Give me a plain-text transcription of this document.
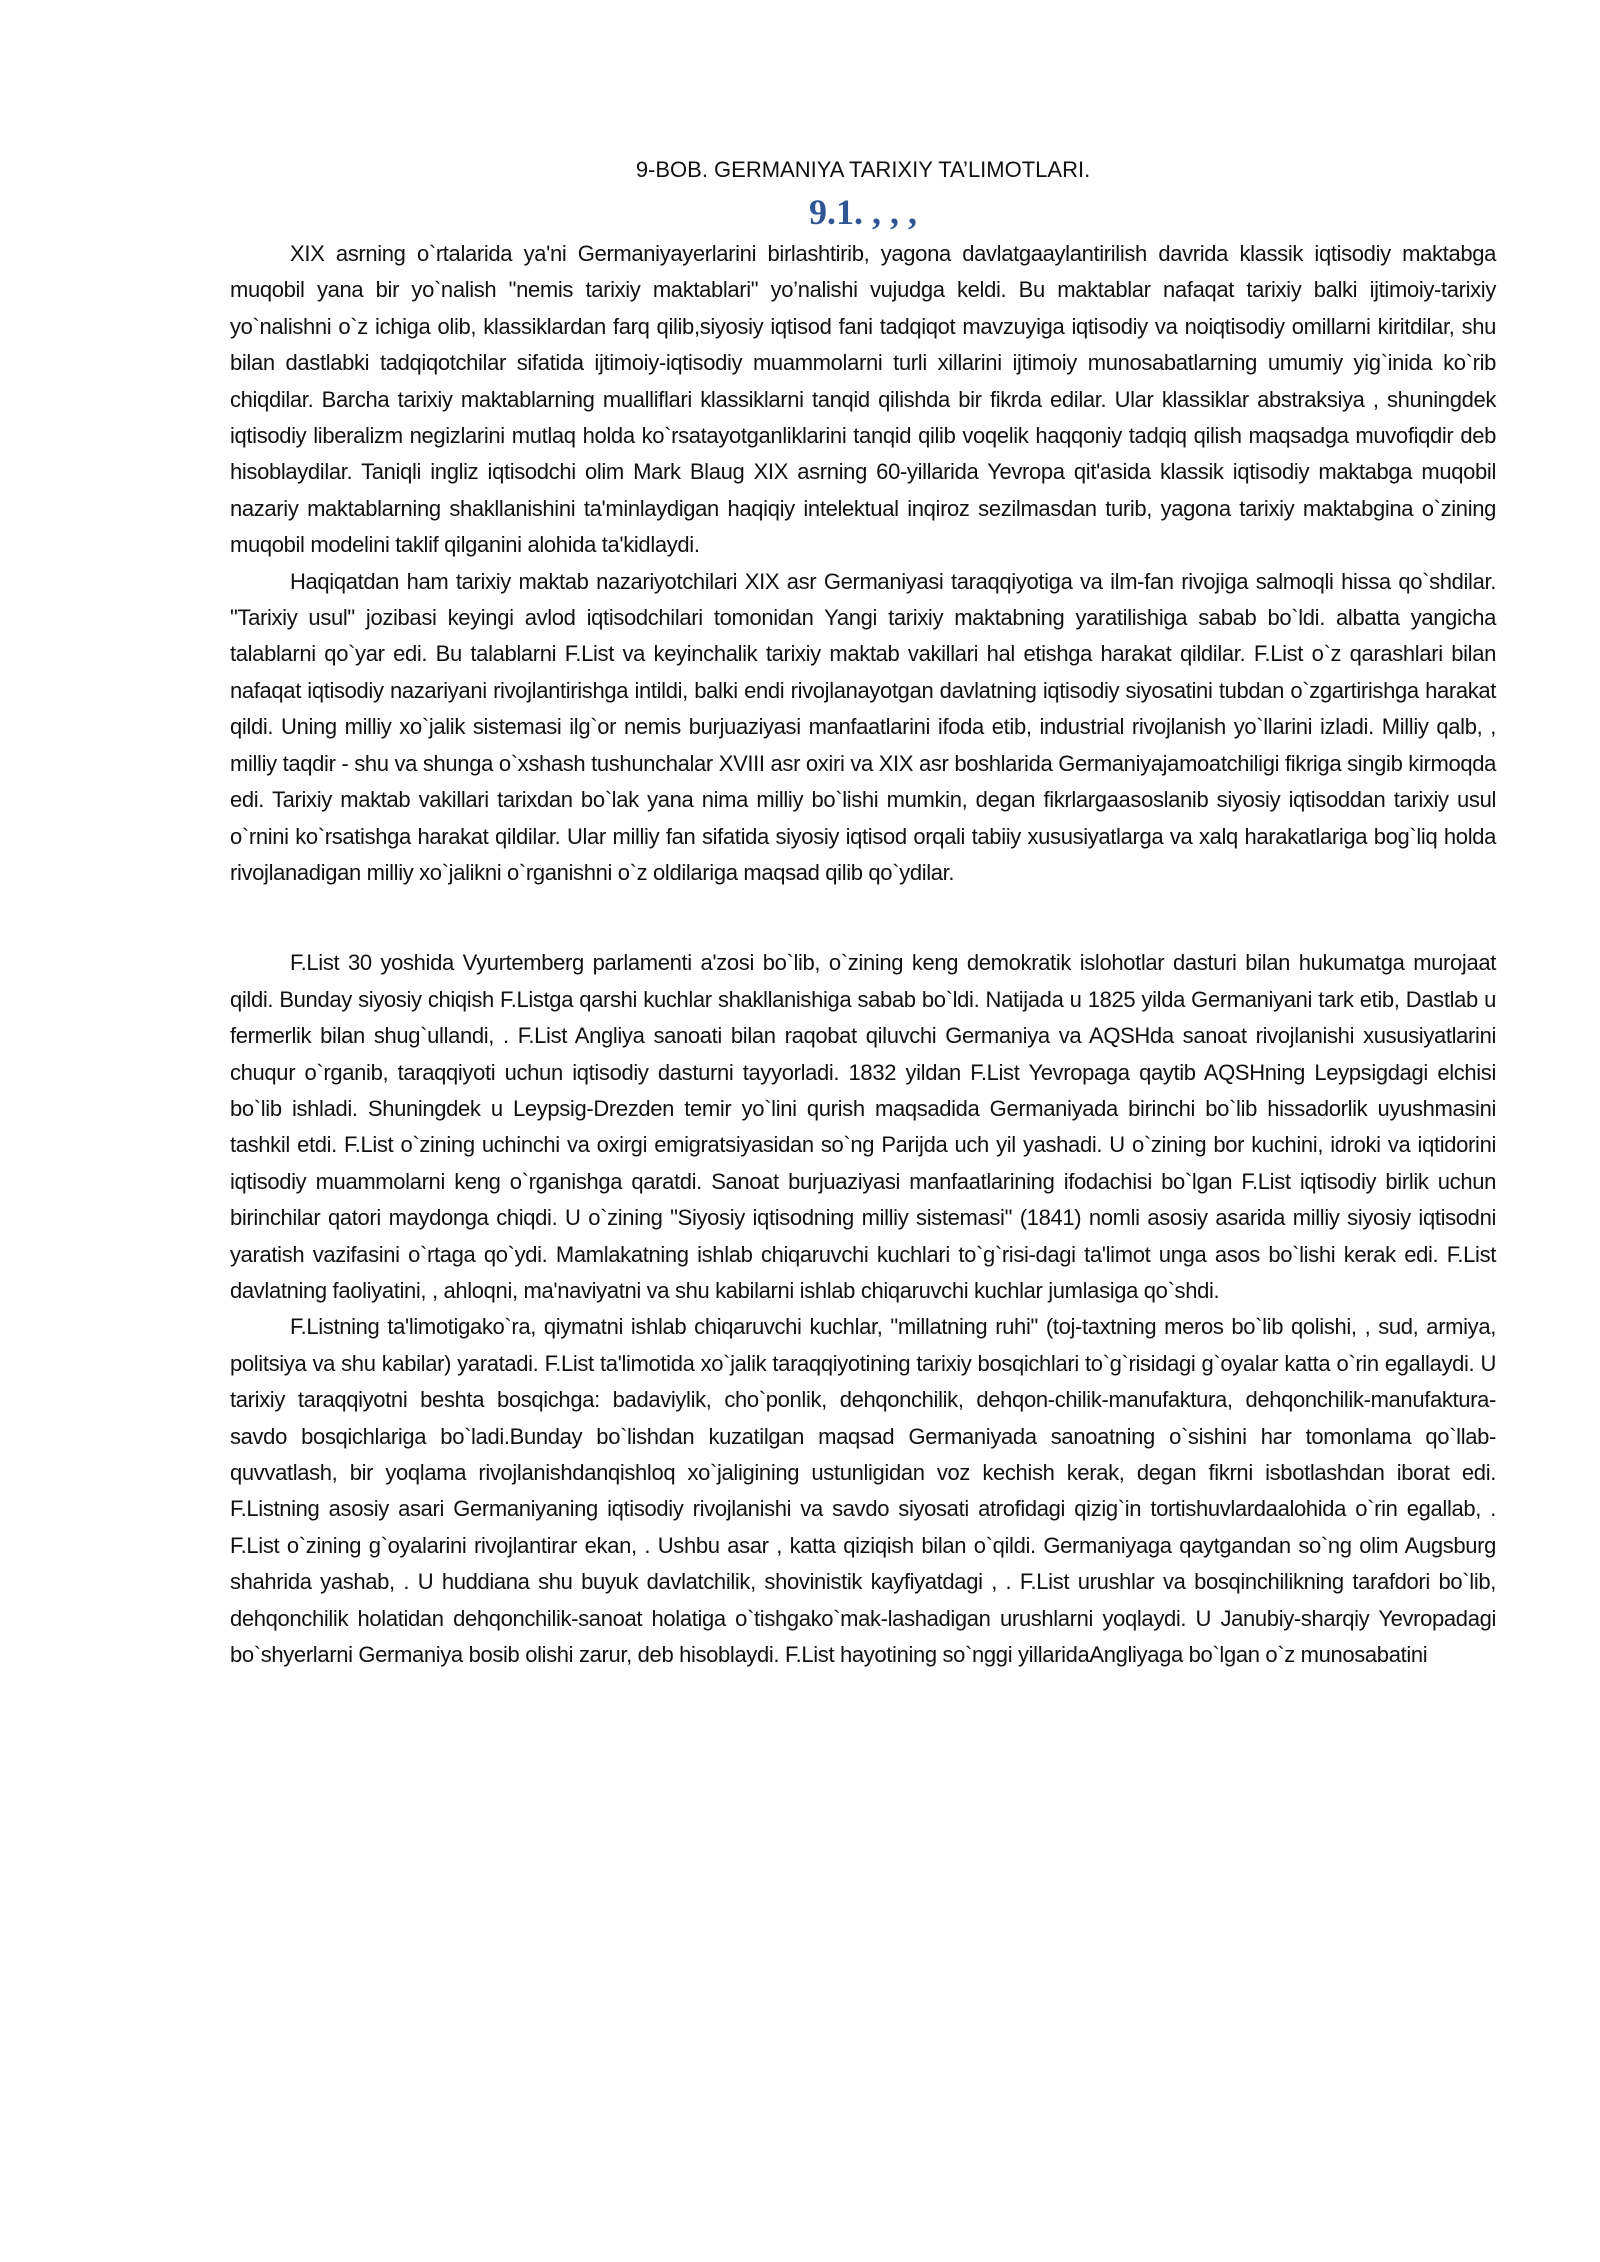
9-BOB. GERMANIYA TARIXIY TA’LIMOTLARI.
9.1. , , ,

XIX asrning o`rtalarida ya'ni Germaniyayerlarini birlashtirib, yagona davlatgaaylantirilish davrida klassik iqtisodiy maktabga muqobil yana bir yo`nalish "nemis tarixiy maktablari" yo’nalishi vujudga keldi. Bu maktablar nafaqat tarixiy balki ijtimoiy-tarixiy yo`nalishni o`z ichiga olib, klassiklardan farq qilib,siyosiy iqtisod fani tadqiqot mavzuyiga iqtisodiy va noiqtisodiy omillarni kiritdilar, shu bilan dastlabki tadqiqotchilar sifatida ijtimoiy-iqtisodiy muammolarni turli xillarini ijtimoiy munosabatlarning umumiy yig`inida ko`rib chiqdilar. Barcha tarixiy maktablarning mualliflari klassiklarni tanqid qilishda bir fikrda edilar. Ular klassiklar abstraksiya , shuningdek iqtisodiy liberalizm negizlarini mutlaq holda ko`rsatayotganliklarini tanqid qilib voqelik haqqoniy tadqiq qilish maqsadga muvofiqdir deb hisoblaydilar. Taniqli ingliz iqtisodchi olim Mark Blaug XIX asrning 60-yillarida Yevropa qit'asida klassik iqtisodiy maktabga muqobil nazariy maktablarning shakllanishini ta'minlaydigan haqiqiy intelektual inqiroz sezilmasdan turib, yagona tarixiy maktabgina o`zining muqobil modelini taklif qilganini alohida ta'kidlaydi.

Haqiqatdan ham tarixiy maktab nazariyotchilari XIX asr Germaniyasi taraqqiyotiga va ilm-fan rivojiga salmoqli hissa qo`shdilar. "Tarixiy usul" jozibasi keyingi avlod iqtisodchilari tomonidan Yangi tarixiy maktabning yaratilishiga sabab bo`ldi. albatta yangicha talablarni qo`yar edi. Bu talablarni F.List va keyinchalik tarixiy maktab vakillari hal etishga harakat qildilar. F.List o`z qarashlari bilan nafaqat iqtisodiy nazariyani rivojlantirishga intildi, balki endi rivojlanayotgan davlatning iqtisodiy siyosatini tubdan o`zgartirishga harakat qildi. Uning milliy xo`jalik sistemasi ilg`or nemis burjuaziyasi manfaatlarini ifoda etib, industrial rivojlanish yo`llarini izladi. Milliy qalb, , milliy taqdir - shu va shunga o`xshash tushunchalar XVIII asr oxiri va XIX asr boshlarida Germaniyajamoatchiligi fikriga singib kirmoqda edi. Tarixiy maktab vakillari tarixdan bo`lak yana nima milliy bo`lishi mumkin, degan fikrlargaasoslanib siyosiy iqtisoddan tarixiy usul o`rnini ko`rsatishga harakat qildilar. Ular milliy fan sifatida siyosiy iqtisod orqali tabiiy xususiyatlarga va xalq harakatlariga bog`liq holda rivojlanadigan milliy xo`jalikni o`rganishni o`z oldilariga maqsad qilib qo`ydilar.

F.List 30 yoshida Vyurtemberg parlamenti a'zosi bo`lib, o`zining keng demokratik islohotlar dasturi bilan hukumatga murojaat qildi. Bunday siyosiy chiqish F.Listga qarshi kuchlar shakllanishiga sabab bo`ldi. Natijada u 1825 yilda Germaniyani tark etib, Dastlab u fermerlik bilan shug`ullandi, . F.List Angliya sanoati bilan raqobat qiluvchi Germaniya va AQSHda sanoat rivojlanishi xususiyatlarini chuqur o`rganib, taraqqiyoti uchun iqtisodiy dasturni tayyorladi. 1832 yildan F.List Yevropaga qaytib AQSHning Leypsigdagi elchisi bo`lib ishladi. Shuningdek u Leypsig-Drezden temir yo`lini qurish maqsadida Germaniyada birinchi bo`lib hissadorlik uyushmasini tashkil etdi. F.List o`zining uchinchi va oxirgi emigratsiyasidan so`ng Parijda uch yil yashadi. U o`zining bor kuchini, idroki va iqtidorini iqtisodiy muammolarni keng o`rganishga qaratdi. Sanoat burjuaziyasi manfaatlarining ifodachisi bo`lgan F.List iqtisodiy birlik uchun birinchilar qatori maydonga chiqdi. U o`zining "Siyosiy iqtisodning milliy sistemasi" (1841) nomli asosiy asarida milliy siyosiy iqtisodni yaratish vazifasini o`rtaga qo`ydi. Mamlakatning ishlab chiqaruvchi kuchlari to`g`risi-dagi ta'limot unga asos bo`lishi kerak edi. F.List davlatning faoliyatini, , ahloqni, ma'naviyatni va shu kabilarni ishlab chiqaruvchi kuchlar jumlasiga qo`shdi.

F.Listning ta'limotigako`ra, qiymatni ishlab chiqaruvchi kuchlar, "millatning ruhi" (toj-taxtning meros bo`lib qolishi, , sud, armiya, politsiya va shu kabilar) yaratadi. F.List ta'limotida xo`jalik taraqqiyotining tarixiy bosqichlari to`g`risidagi g`oyalar katta o`rin egallaydi. U tarixiy taraqqiyotni beshta bosqichga: badaviylik, cho`ponlik, dehqonchilik, dehqon-chilik-manufaktura, dehqonchilik-manufaktura-savdo bosqichlariga bo`ladi.Bunday bo`lishdan kuzatilgan maqsad Germaniyada sanoatning o`sishini har tomonlama qo`llab-quvvatlash, bir yoqlama rivojlanishdanqishloq xo`jaligining ustunligidan voz kechish kerak, degan fikrni isbotlashdan iborat edi. F.Listning asosiy asari Germaniyaning iqtisodiy rivojlanishi va savdo siyosati atrofidagi qizig`in tortishuvlardaalohida o`rin egallab, . F.List o`zining g`oyalarini rivojlantirar ekan, . Ushbu asar , katta qiziqish bilan o`qildi. Germaniyaga qaytgandan so`ng olim Augsburg shahrida yashab, . U huddiana shu buyuk davlatchilik, shovinistik kayfiyatdagi , . F.List urushlar va bosqinchilikning tarafdori bo`lib, dehqonchilik holatidan dehqonchilik-sanoat holatiga o`tishgako`mak-lashadigan urushlarni yoqlaydi. U Janubiy-sharqiy Yevropadagi bo`shyerlarni Germaniya bosib olishi zarur, deb hisoblaydi. F.List hayotining so`nggi yillaridaAngliyaga bo`lgan o`z munosabatini
